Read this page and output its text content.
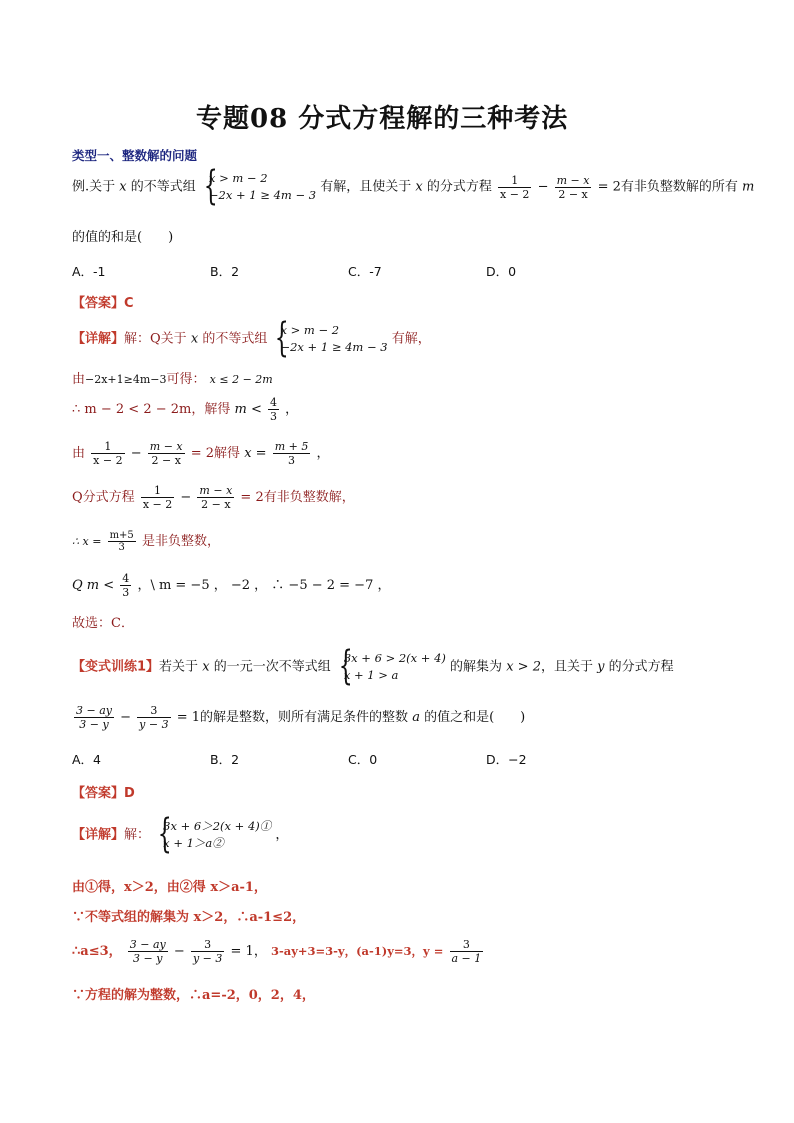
专题08 分式方程解的三种考法
类型一、整数解的问题
例.关于 x 的不等式组
{ x > m − 2
−2x + 1 ≥ 4m − 3
有解，且使关于 x 的分式方程 $\frac{1}{x - 2} - \frac{m - x}{2 - x} = 2$有非负整数解的所有 m
的值的和是(　　)
A．-1	B．2	C．-7	D．0
【答案】C
【详解】解：Q关于 x 的不等式组
{ x > m − 2
−2x + 1 ≥ 4m − 3
有解，
由−2x+1≥4m−3可得： x ≤ 2 − 2m
∴ m − 2 < 2 − 2m，解得 $m < \frac{4}{3}$ ，
由 $\frac{1}{x - 2} - \frac{m - x}{2 - x} = 2$解得 $x = \frac{m + 5}{3}$ ，
Q分式方程 $\frac{1}{x - 2} - \frac{m - x}{2 - x} = 2$有非负整数解，
∴ $x = \frac{m+5}{3}$ 是非负整数，
Q $m < \frac{4}{3}$ ，\ m = −5 ， −2 ， ∴ −5 − 2 = −7 ，
故选：C．
【变式训练1】若关于 x 的一元一次不等式组
{ 3x + 6 > 2(x + 4)
x + 1 > a
的解集为 x > 2，且关于 y 的分式方程
$\frac{3 - ay}{3 - y} - \frac{3}{y - 3} = 1$的解是整数，则所有满足条件的整数 a 的值之和是(　　)
A．4	B．2	C．0	D．−2
【答案】D
【详解】解：
{ 3x + 6＞2(x + 4)①
x + 1＞a②
，
由①得，x＞2，由②得 x＞a-1，
∵不等式组的解集为 x＞2，∴a-1≤2，
∴a≤3， $\frac{3 - ay}{3 - y} - \frac{3}{y - 3} = 1$， 3-ay+3=3-y，(a-1)y=3，$y = \frac{3}{a - 1}$
∵方程的解为整数，∴a=-2，0，2，4，
